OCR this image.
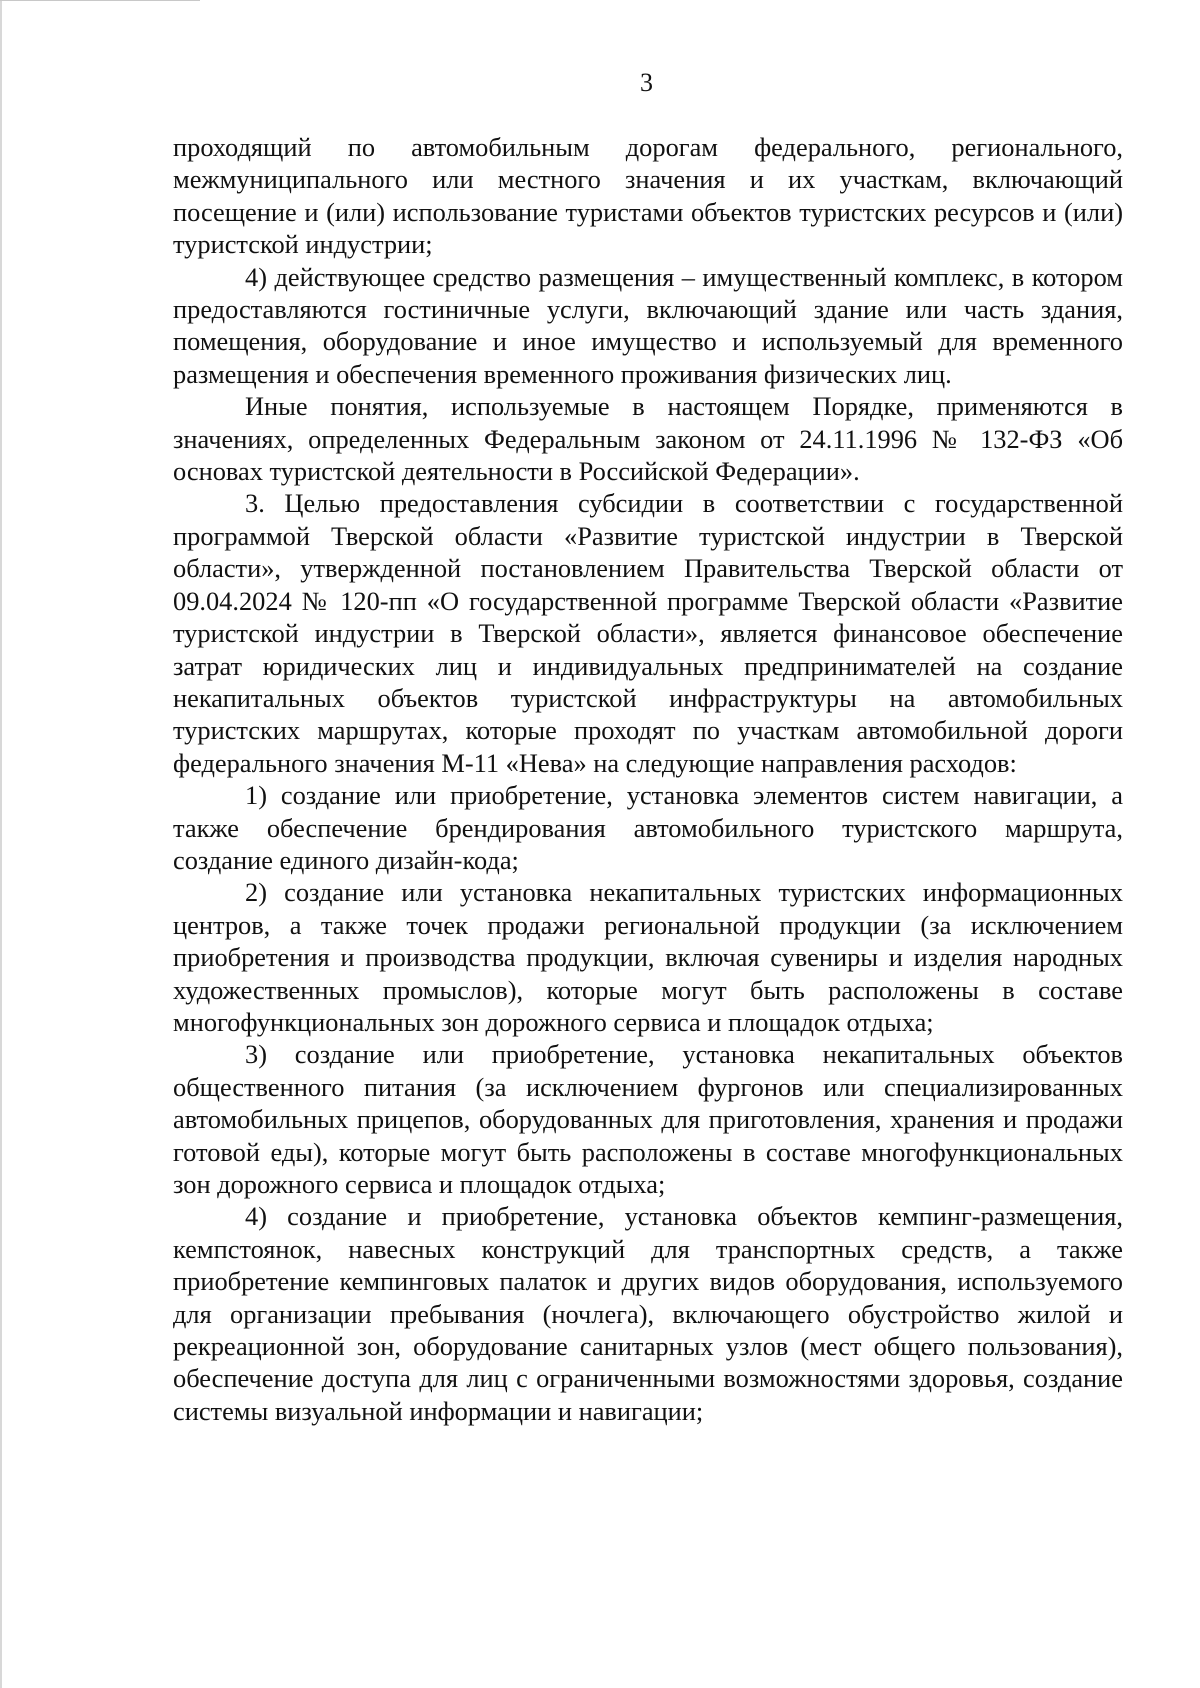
3

проходящий по автомобильным дорогам федерального, регионального, межмуниципального или местного значения и их участкам, включающий посещение и (или) использование туристами объектов туристских ресурсов и (или) туристской индустрии;

4) действующее средство размещения – имущественный комплекс, в котором предоставляются гостиничные услуги, включающий здание или часть здания, помещения, оборудование и иное имущество и используемый для временного размещения и обеспечения временного проживания физических лиц.

Иные понятия, используемые в настоящем Порядке, применяются в значениях, определенных Федеральным законом от 24.11.1996 № 132-ФЗ «Об основах туристской деятельности в Российской Федерации».

3. Целью предоставления субсидии в соответствии с государственной программой Тверской области «Развитие туристской индустрии в Тверской области», утвержденной постановлением Правительства Тверской области от 09.04.2024 № 120-пп «О государственной программе Тверской области «Развитие туристской индустрии в Тверской области», является финансовое обеспечение затрат юридических лиц и индивидуальных предпринимателей на создание некапитальных объектов туристской инфраструктуры на автомобильных туристских маршрутах, которые проходят по участкам автомобильной дороги федерального значения М-11 «Нева» на следующие направления расходов:

1) создание или приобретение, установка элементов систем навигации, а также обеспечение брендирования автомобильного туристского маршрута, создание единого дизайн-кода;

2) создание или установка некапитальных туристских информационных центров, а также точек продажи региональной продукции (за исключением приобретения и производства продукции, включая сувениры и изделия народных художественных промыслов), которые могут быть расположены в составе многофункциональных зон дорожного сервиса и площадок отдыха;

3) создание или приобретение, установка некапитальных объектов общественного питания (за исключением фургонов или специализированных автомобильных прицепов, оборудованных для приготовления, хранения и продажи готовой еды), которые могут быть расположены в составе многофункциональных зон дорожного сервиса и площадок отдыха;

4) создание и приобретение, установка объектов кемпинг-размещения, кемпстоянок, навесных конструкций для транспортных средств, а также приобретение кемпинговых палаток и других видов оборудования, используемого для организации пребывания (ночлега), включающего обустройство жилой и рекреационной зон, оборудование санитарных узлов (мест общего пользования), обеспечение доступа для лиц с ограниченными возможностями здоровья, создание системы визуальной информации и навигации;
